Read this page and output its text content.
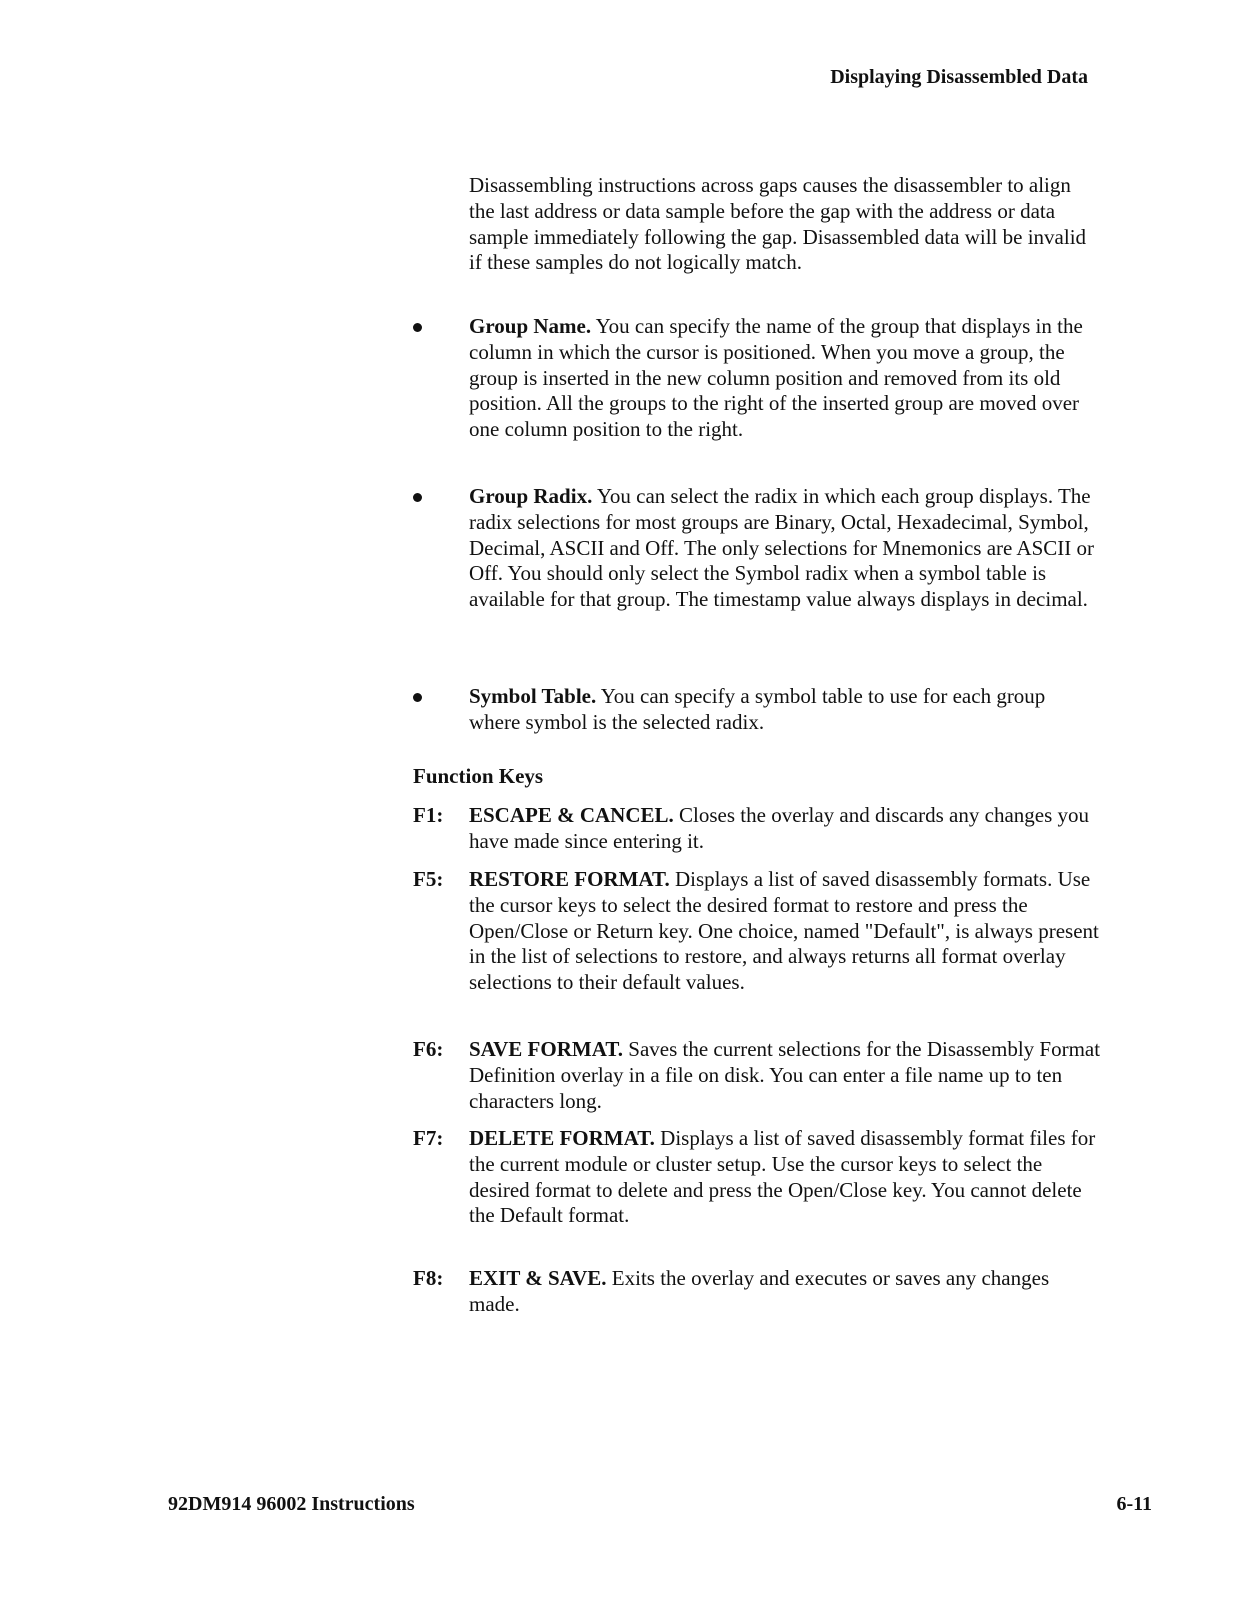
Displaying Disassembled Data
Disassembling instructions across gaps causes the disassembler to align the last address or data sample before the gap with the address or data sample immediately following the gap. Disassembled data will be invalid if these samples do not logically match.
Group Name. You can specify the name of the group that displays in the column in which the cursor is positioned. When you move a group, the group is inserted in the new column position and removed from its old position. All the groups to the right of the inserted group are moved over one column position to the right.
Group Radix. You can select the radix in which each group displays. The radix selections for most groups are Binary, Octal, Hexadecimal, Symbol, Decimal, ASCII and Off. The only selections for Mnemonics are ASCII or Off. You should only select the Symbol radix when a symbol table is available for that group. The timestamp value always displays in decimal.
Symbol Table. You can specify a symbol table to use for each group where symbol is the selected radix.
Function Keys
F1: ESCAPE & CANCEL. Closes the overlay and discards any changes you have made since entering it.
F5: RESTORE FORMAT. Displays a list of saved disassembly formats. Use the cursor keys to select the desired format to restore and press the Open/Close or Return key. One choice, named "Default", is always present in the list of selections to restore, and always returns all format overlay selections to their default values.
F6: SAVE FORMAT. Saves the current selections for the Disassembly Format Definition overlay in a file on disk. You can enter a file name up to ten characters long.
F7: DELETE FORMAT. Displays a list of saved disassembly format files for the current module or cluster setup. Use the cursor keys to select the desired format to delete and press the Open/Close key. You cannot delete the Default format.
F8: EXIT & SAVE. Exits the overlay and executes or saves any changes made.
92DM914 96002 Instructions	6-11
